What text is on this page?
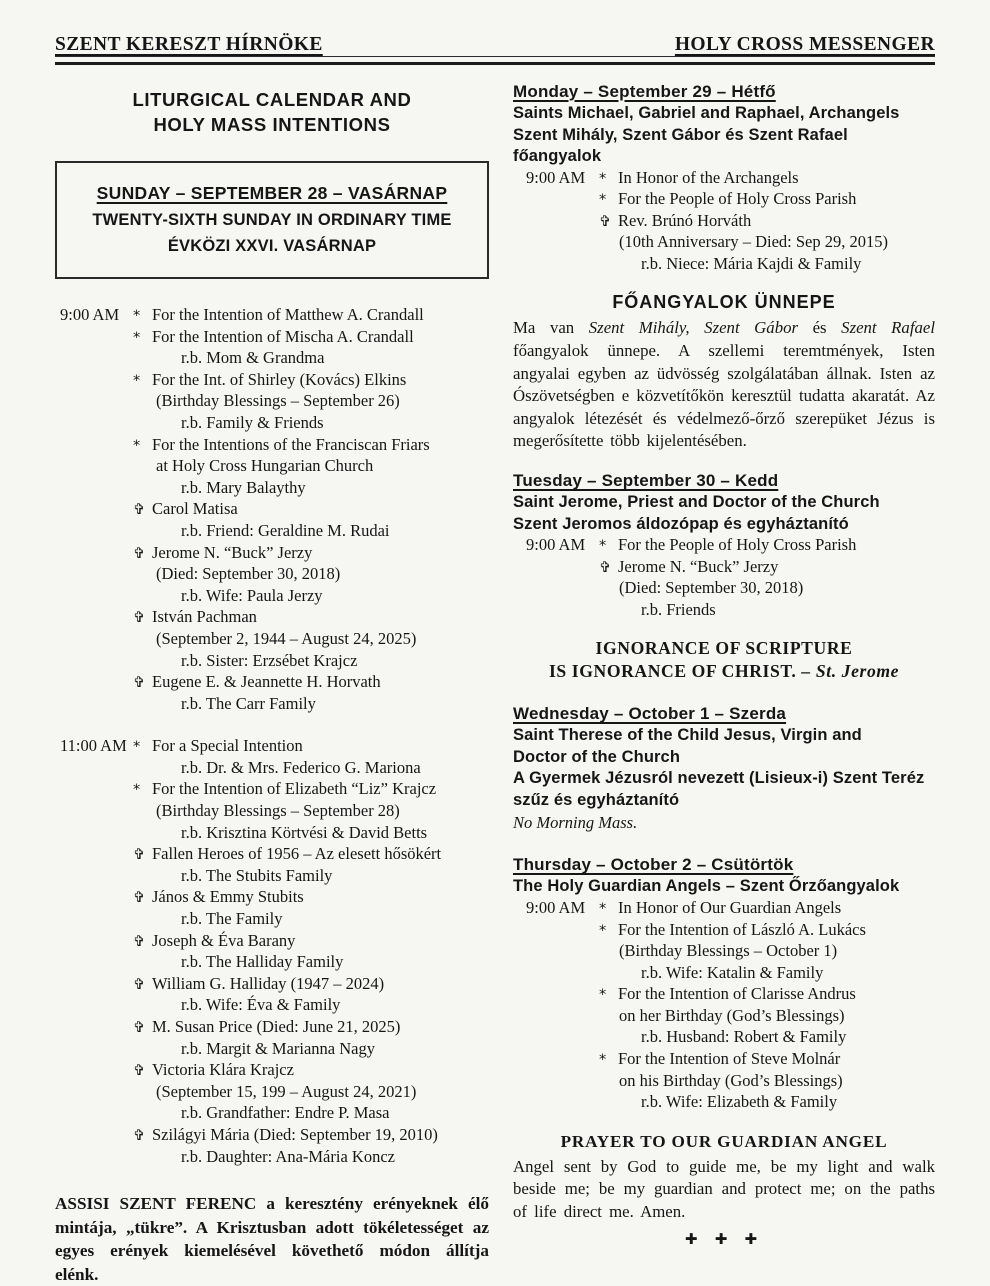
SZENT KERESZT HÍRNÖKE	HOLY CROSS MESSENGER
LITURGICAL CALENDAR AND
HOLY MASS INTENTIONS
SUNDAY – SEPTEMBER 28 – VASÁRNAP
TWENTY-SIXTH SUNDAY IN ORDINARY TIME
ÉVKÖZI XXVI. VASÁRNAP
9:00 AM * For the Intention of Matthew A. Crandall
* For the Intention of Mischa A. Crandall
r.b. Mom & Grandma
* For the Int. of Shirley (Kovács) Elkins
(Birthday Blessings – September 26)
r.b. Family & Friends
* For the Intentions of the Franciscan Friars
at Holy Cross Hungarian Church
r.b. Mary Balaythy
✞ Carol Matisa
r.b. Friend: Geraldine M. Rudai
✞ Jerome N. “Buck” Jerzy
(Died: September 30, 2018)
r.b. Wife: Paula Jerzy
✞ István Pachman
(September 2, 1944 – August 24, 2025)
r.b. Sister: Erzsébet Krajcz
✞ Eugene E. & Jeannette H. Horvath
r.b. The Carr Family
11:00 AM * For a Special Intention
r.b. Dr. & Mrs. Federico G. Mariona
* For the Intention of Elizabeth “Liz” Krajcz
(Birthday Blessings – September 28)
r.b. Krisztina Körtvési & David Betts
✞ Fallen Heroes of 1956 – Az elesett hősökért
r.b. The Stubits Family
✞ János & Emmy Stubits
r.b. The Family
✞ Joseph & Éva Barany
r.b. The Halliday Family
✞ William G. Halliday (1947 – 2024)
r.b. Wife: Éva & Family
✞ M. Susan Price (Died: June 21, 2025)
r.b. Margit & Marianna Nagy
✞ Victoria Klára Krajcz
(September 15, 199 – August 24, 2021)
r.b. Grandfather: Endre P. Masa
✞ Szilágyi Mária (Died: September 19, 2010)
r.b. Daughter: Ana-Mária Koncz
ASSISI SZENT FERENC a keresztény erényeknek élő mintája, „tükre”. A Krisztusban adott tökéletességet az egyes erények kiemelésével követhető módon állítja elénk.
Monday – September 29 – Hétfő
Saints Michael, Gabriel and Raphael, Archangels
Szent Mihály, Szent Gábor és Szent Rafael
főangyalok
9:00 AM * In Honor of the Archangels
* For the People of Holy Cross Parish
✞ Rev. Brúnó Horváth
(10th Anniversary – Died: Sep 29, 2015)
r.b. Niece: Mária Kajdi & Family
FŐANGYALOK ÜNNEPE
Ma van Szent Mihály, Szent Gábor és Szent Rafael főangyalok ünnepe. A szellemi teremtmények, Isten angyalai egyben az üdvösség szolgálatában állnak. Isten az Ószövetségben e közvetítőkön keresztül tudatta akaratát. Az angyalok létezését és védelmező-őrző szerepüket Jézus is megerősítette több kijelentésében.
Tuesday – September 30 – Kedd
Saint Jerome, Priest and Doctor of the Church
Szent Jeromos áldozópap és egyháztanító
9:00 AM * For the People of Holy Cross Parish
✞ Jerome N. “Buck” Jerzy
(Died: September 30, 2018)
r.b. Friends
IGNORANCE OF SCRIPTURE
IS IGNORANCE OF CHRIST. – St. Jerome
Wednesday – October 1 – Szerda
Saint Therese of the Child Jesus, Virgin and
Doctor of the Church
A Gyermek Jézusról nevezett (Lisieux-i) Szent Teréz
szűz és egyháztanító
No Morning Mass.
Thursday – October 2 – Csütörtök
The Holy Guardian Angels – Szent Őrzőangyalok
9:00 AM * In Honor of Our Guardian Angels
* For the Intention of László A. Lukács
(Birthday Blessings – October 1)
r.b. Wife: Katalin & Family
* For the Intention of Clarisse Andrus
on her Birthday (God’s Blessings)
r.b. Husband: Robert & Family
* For the Intention of Steve Molnár
on his Birthday (God’s Blessings)
r.b. Wife: Elizabeth & Family
PRAYER TO OUR GUARDIAN ANGEL
Angel sent by God to guide me, be my light and walk beside me; be my guardian and protect me; on the paths of life direct me. Amen.
✚ ✚ ✚
